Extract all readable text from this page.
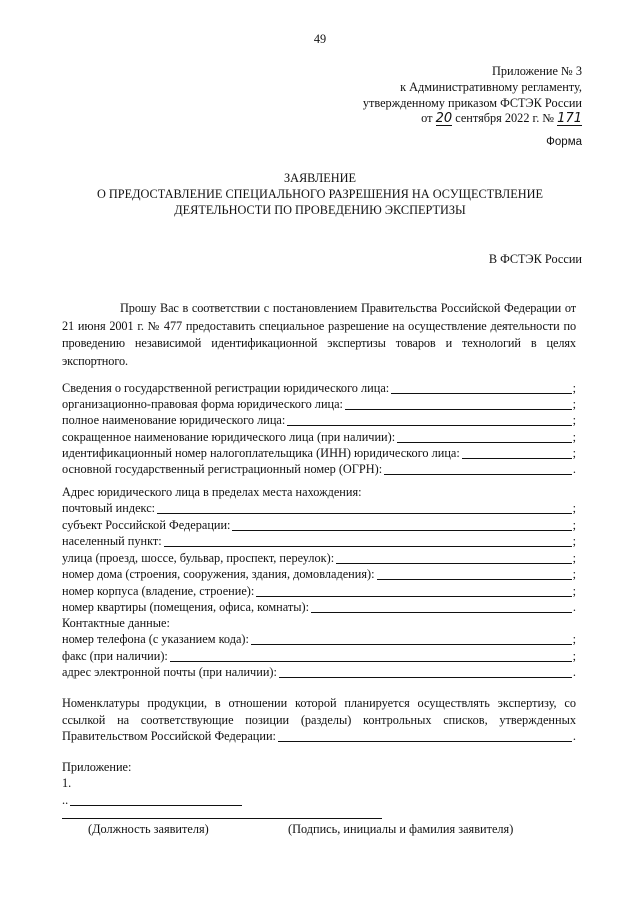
49
Приложение № 3
к Административному регламенту,
утвержденному приказом ФСТЭК России
от 20 сентября 2022 г. № 171
Форма
ЗАЯВЛЕНИЕ
О ПРЕДОСТАВЛЕНИЕ СПЕЦИАЛЬНОГО РАЗРЕШЕНИЯ НА ОСУЩЕСТВЛЕНИЕ
ДЕЯТЕЛЬНОСТИ ПО ПРОВЕДЕНИЮ ЭКСПЕРТИЗЫ
В ФСТЭК России
Прошу Вас в соответствии с постановлением Правительства Российской Федерации от 21 июня 2001 г. № 477 предоставить специальное разрешение на осуществление деятельности по проведению независимой идентификационной экспертизы товаров и технологий в целях экспортного.
Сведения о государственной регистрации юридического лица:	;
организационно-правовая форма юридического лица:	;
полное наименование юридического лица:	;
сокращенное наименование юридического лица (при наличии):	;
идентификационный номер налогоплательщика (ИНН) юридического лица:	;
основной государственный регистрационный номер (ОГРН):	.
Адрес юридического лица в пределах места нахождения:
почтовый индекс:	;
субъект Российской Федерации:	;
населенный пункт:	;
улица (проезд, шоссе, бульвар, проспект, переулок):	;
номер дома (строения, сооружения, здания, домовладения):	;
номер корпуса (владение, строение):	;
номер квартиры (помещения, офиса, комнаты):	.
Контактные данные:
номер телефона (с указанием кода):	;
факс (при наличии):	;
адрес электронной почты (при наличии):	.
Номенклатуры продукции, в отношении которой планируется осуществлять экспертизу, со
ссылкой на соответствующие позиции (разделы) контрольных списков, утвержденных
Правительством Российской Федерации:	.
Приложение:
1.
..
(Должность заявителя)	(Подпись, инициалы и фамилия заявителя)
